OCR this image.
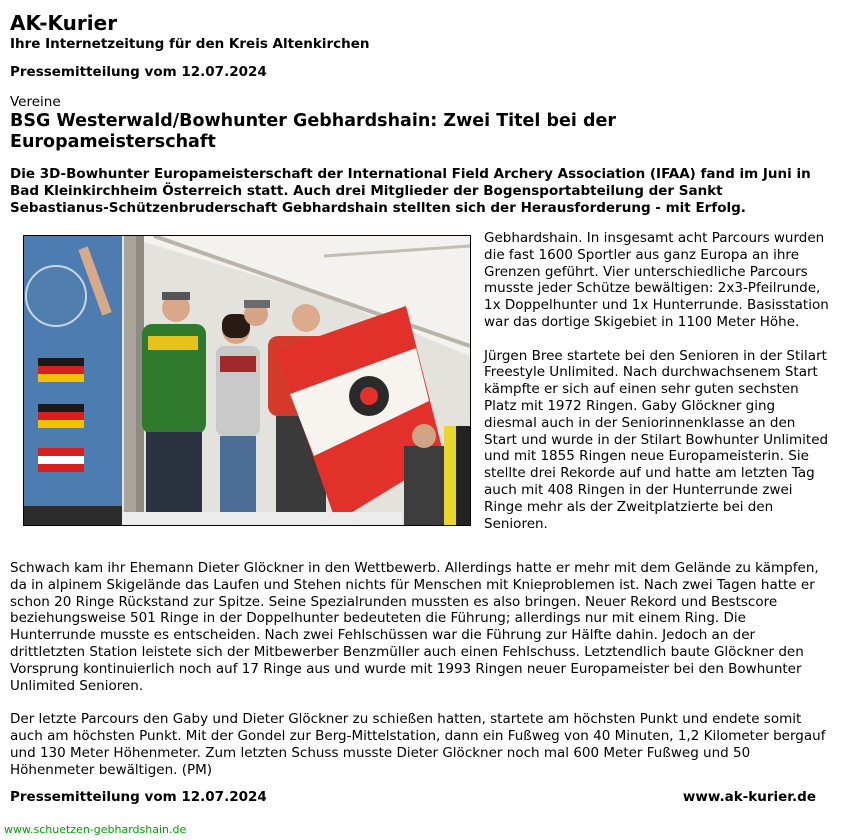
AK-Kurier
Ihre Internetzeitung für den Kreis Altenkirchen
Pressemitteilung vom 12.07.2024
Vereine
BSG Westerwald/Bowhunter Gebhardshain: Zwei Titel bei der Europameisterschaft
Die 3D-Bowhunter Europameisterschaft der International Field Archery Association (IFAA) fand im Juni in Bad Kleinkirchheim Österreich statt. Auch drei Mitglieder der Bogensportabteilung der Sankt Sebastianus-Schützenbruderschaft Gebhardshain stellten sich der Herausforderung - mit Erfolg.

Gebhardshain. In insgesamt acht Parcours wurden die fast 1600 Sportler aus ganz Europa an ihre Grenzen geführt. Vier unterschiedliche Parcours musste jeder Schütze bewältigen: 2x3-Pfeilrunde, 1x Doppelhunter und 1x Hunterrunde. Basisstation war das dortige Skigebiet in 1100 Meter Höhe.

Jürgen Bree startete bei den Senioren in der Stilart Freestyle Unlimited. Nach durchwachsenem Start kämpfte er sich auf einen sehr guten sechsten Platz mit 1972 Ringen. Gaby Glöckner ging diesmal auch in der Seniorinnenklasse an den Start und wurde in der Stilart Bowhunter Unlimited und mit 1855 Ringen neue Europameisterin. Sie stellte drei Rekorde auf und hatte am letzten Tag auch mit 408 Ringen in der Hunterrunde zwei Ringe mehr als der Zweitplatzierte bei den Senioren.

Schwach kam ihr Ehemann Dieter Glöckner in den Wettbewerb. Allerdings hatte er mehr mit dem Gelände zu kämpfen, da in alpinem Skigelände das Laufen und Stehen nichts für Menschen mit Knieproblemen ist. Nach zwei Tagen hatte er schon 20 Ringe Rückstand zur Spitze. Seine Spezialrunden mussten es also bringen. Neuer Rekord und Bestscore beziehungsweise 501 Ringe in der Doppelhunter bedeuteten die Führung; allerdings nur mit einem Ring. Die Hunterrunde musste es entscheiden. Nach zwei Fehlschüssen war die Führung zur Hälfte dahin. Jedoch an der drittletzten Station leistete sich der Mitbewerber Benzmüller auch einen Fehlschuss. Letztendlich baute Glöckner den Vorsprung kontinuierlich noch auf 17 Ringe aus und wurde mit 1993 Ringen neuer Europameister bei den Bowhunter Unlimited Senioren.

Der letzte Parcours den Gaby und Dieter Glöckner zu schießen hatten, startete am höchsten Punkt und endete somit auch am höchsten Punkt. Mit der Gondel zur Berg-Mittelstation, dann ein Fußweg von 40 Minuten, 1,2 Kilometer bergauf und 130 Meter Höhenmeter. Zum letzten Schuss musste Dieter Glöckner noch mal 600 Meter Fußweg und 50 Höhenmeter bewältigen. (PM)

Pressemitteilung vom 12.07.2024	www.ak-kurier.de
www.schuetzen-gebhardshain.de
